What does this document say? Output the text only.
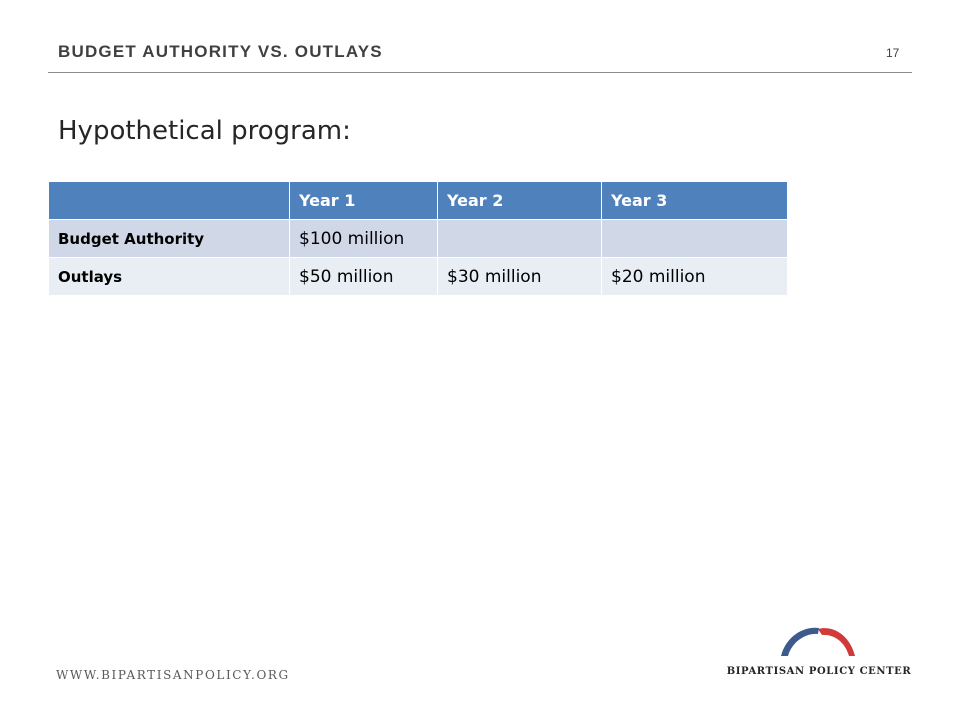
BUDGET AUTHORITY VS. OUTLAYS	17
Hypothetical program:
	Year 1	Year 2	Year 3
Budget Authority	$100 million		
Outlays	$50 million	$30 million	$20 million
WWW.BIPARTISANPOLICY.ORG	BIPARTISAN POLICY CENTER
